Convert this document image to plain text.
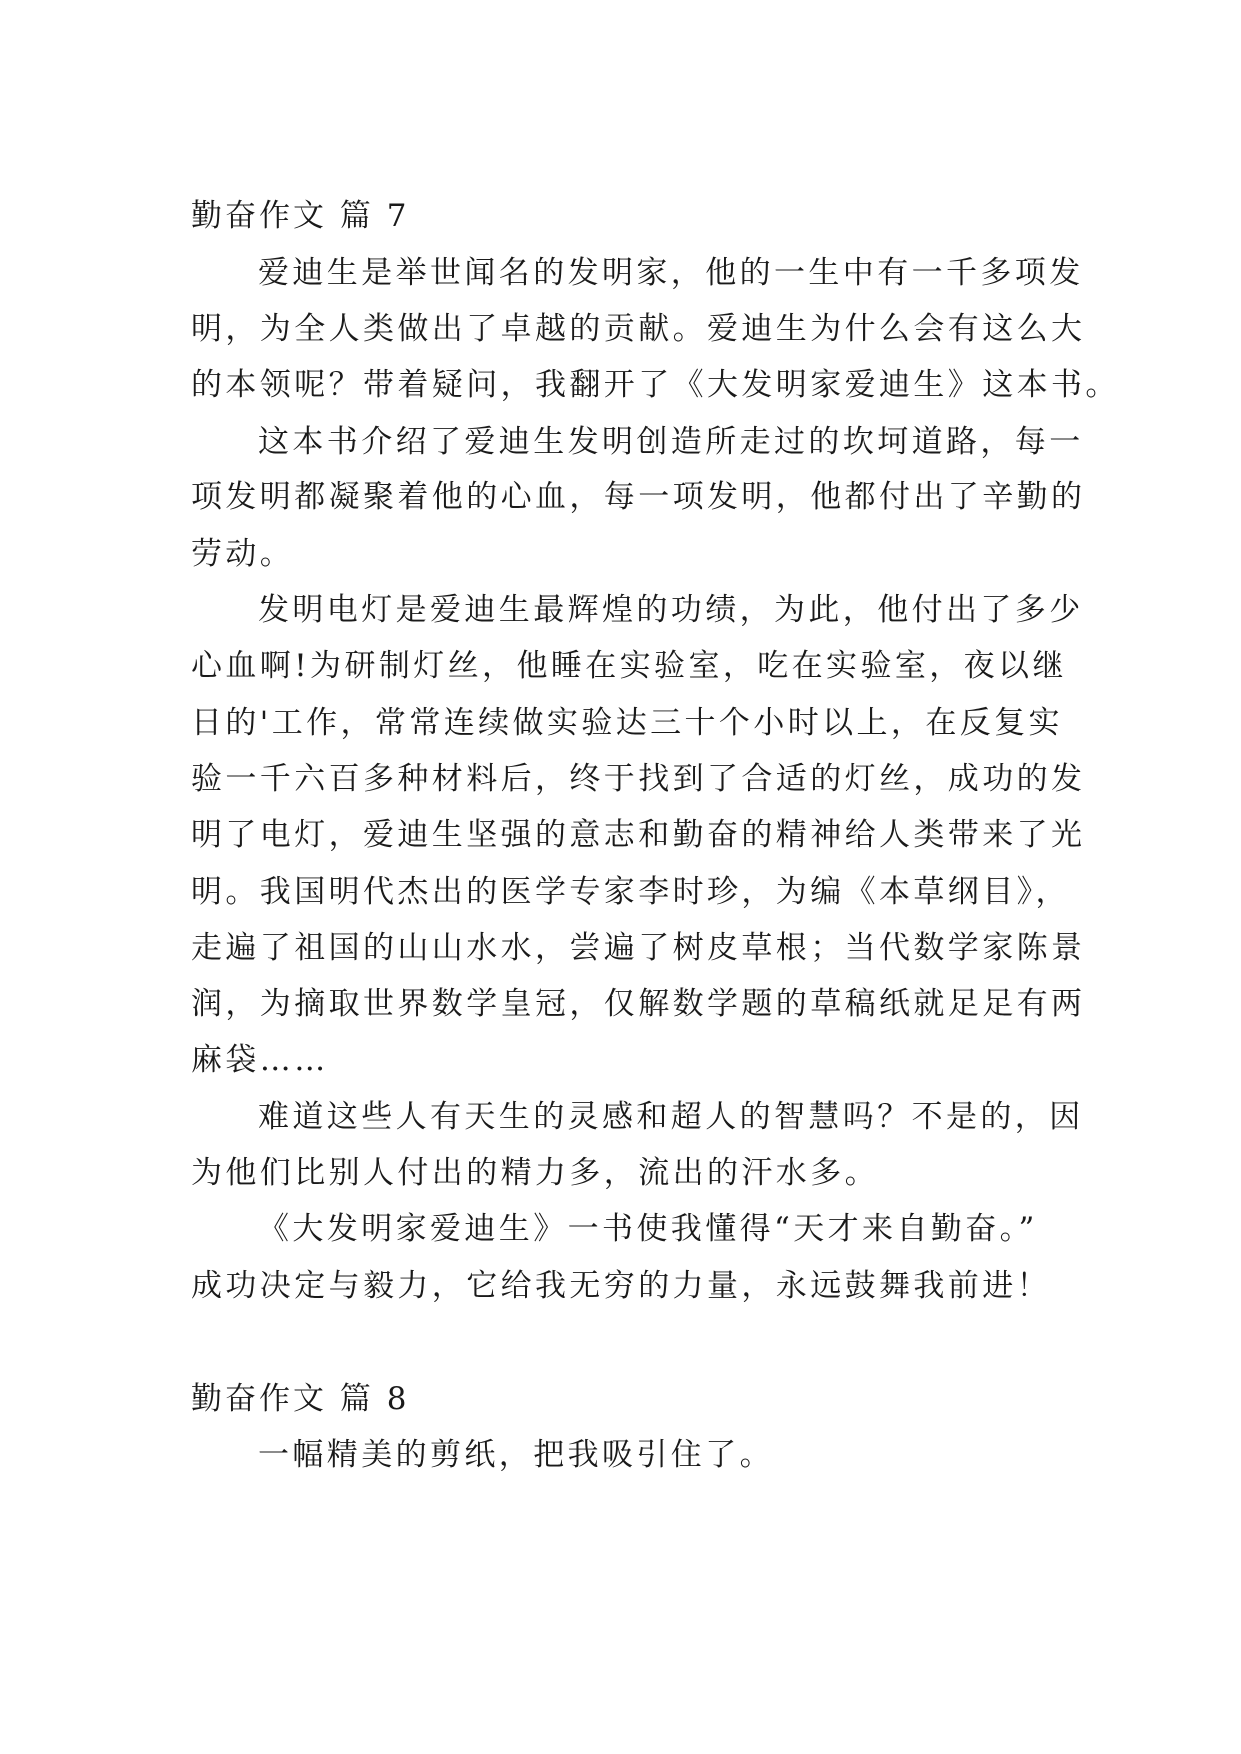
勤奋作文 篇 7
爱迪生是举世闻名的发明家，他的一生中有一千多项发
明，为全人类做出了卓越的贡献。爱迪生为什么会有这么大
的本领呢？带着疑问，我翻开了《大发明家爱迪生》这本书。
这本书介绍了爱迪生发明创造所走过的坎坷道路，每一
项发明都凝聚着他的心血，每一项发明，他都付出了辛勤的
劳动。
发明电灯是爱迪生最辉煌的功绩，为此，他付出了多少
心血啊!为研制灯丝，他睡在实验室，吃在实验室，夜以继
日的'工作，常常连续做实验达三十个小时以上，在反复实
验一千六百多种材料后，终于找到了合适的灯丝，成功的发
明了电灯，爱迪生坚强的意志和勤奋的精神给人类带来了光
明。我国明代杰出的医学专家李时珍，为编《本草纲目》，
走遍了祖国的山山水水，尝遍了树皮草根；当代数学家陈景
润，为摘取世界数学皇冠，仅解数学题的草稿纸就足足有两
麻袋……
难道这些人有天生的灵感和超人的智慧吗？不是的，因
为他们比别人付出的精力多，流出的汗水多。
《大发明家爱迪生》一书使我懂得“天才来自勤奋。”
成功决定与毅力，它给我无穷的力量，永远鼓舞我前进！
勤奋作文 篇 8
一幅精美的剪纸，把我吸引住了。
